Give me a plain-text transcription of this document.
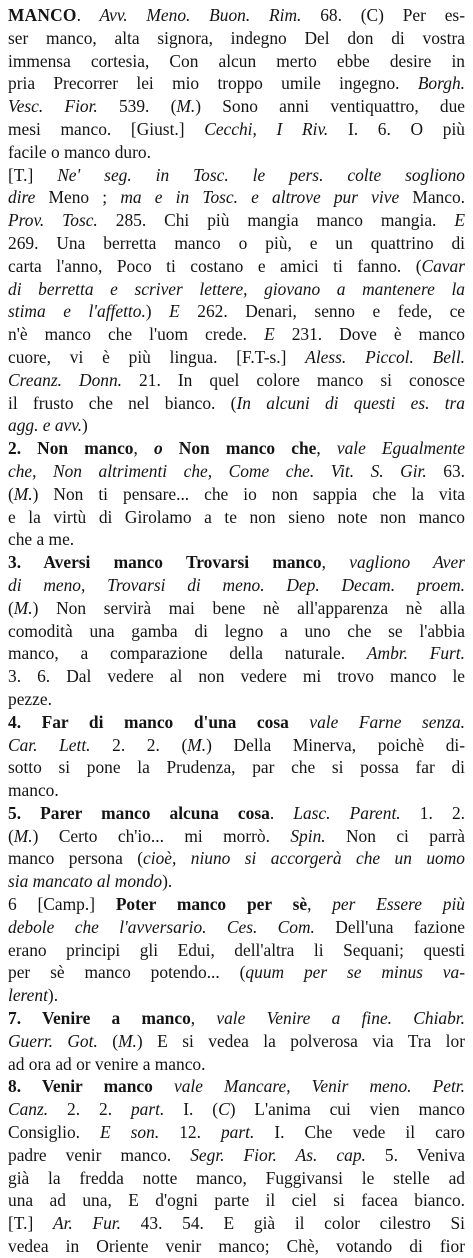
MANCO. Avv. Meno. Buon. Rim. 68. (C) Per es-
ser manco, alta signora, indegno Del don di vostra
immensa cortesia, Con alcun merto ebbe desire in
pria Precorrer lei mio troppo umile ingegno. Borgh.
Vesc. Fior. 539. (M.) Sono anni ventiquattro, due
mesi manco. [Giust.] Cecchi, I Riv. I. 6. O più
facile o manco duro.
[T.] Ne' seg. in Tosc. le pers. colte sogliono
dire Meno ; ma e in Tosc. e altrove pur vive Manco.
Prov. Tosc. 285. Chi più mangia manco mangia. E
269. Una berretta manco o più, e un quattrino di
carta l'anno, Poco ti costano e amici ti fanno. (Cavar
di berretta e scriver lettere, giovano a mantenere la
stima e l'affetto.) E 262. Denari, senno e fede, ce
n'è manco che l'uom crede. E 231. Dove è manco
cuore, vi è più lingua. [F.T-s.] Aless. Piccol. Bell.
Creanz. Donn. 21. In quel colore manco si conosce
il frusto che nel bianco. (In alcuni di questi es. tra
agg. e avv.)
2. Non manco, o Non manco che, vale Egualmente
che, Non altrimenti che, Come che. Vit. S. Gir. 63.
(M.) Non ti pensare... che io non sappia che la vita
e la virtù di Girolamo a te non sieno note non manco
che a me.
3. Aversi manco Trovarsi manco, vagliono Aver
di meno, Trovarsi di meno. Dep. Decam. proem.
(M.) Non servirà mai bene nè all'apparenza nè alla
comodità una gamba di legno a uno che se l'abbia
manco, a comparazione della naturale. Ambr. Furt.
3. 6. Dal vedere al non vedere mi trovo manco le
pezze.
4. Far di manco d'una cosa vale Farne senza.
Car. Lett. 2. 2. (M.) Della Minerva, poichè di-
sotto si pone la Prudenza, par che si possa far di
manco.
5. Parer manco alcuna cosa. Lasc. Parent. 1. 2.
(M.) Certo ch'io... mi morrò. Spin. Non ci parrà
manco persona (cioè, niuno si accorgerà che un uomo
sia mancato al mondo).
6 [Camp.] Poter manco per sè, per Essere più
debole che l'avversario. Ces. Com. Dell'una fazione
erano principi gli Edui, dell'altra li Sequani; questi
per sè manco potendo... (quum per se minus va-
lerent).
7. Venire a manco, vale Venire a fine. Chiabr.
Guerr. Got. (M.) E si vedea la polverosa via Tra lor
ad ora ad or venire a manco.
8. Venir manco vale Mancare, Venir meno. Petr.
Canz. 2. 2. part. I. (C) L'anima cui vien manco
Consiglio. E son. 12. part. I. Che vede il caro
padre venir manco. Segr. Fior. As. cap. 5. Veniva
già la fredda notte manco, Fuggivansi le stelle ad
una ad una, E d'ogni parte il ciel si facea bianco.
[T.] Ar. Fur. 43. 54. E già il color cilestro Si
vedea in Oriente venir manco; Chè, votando di fior
